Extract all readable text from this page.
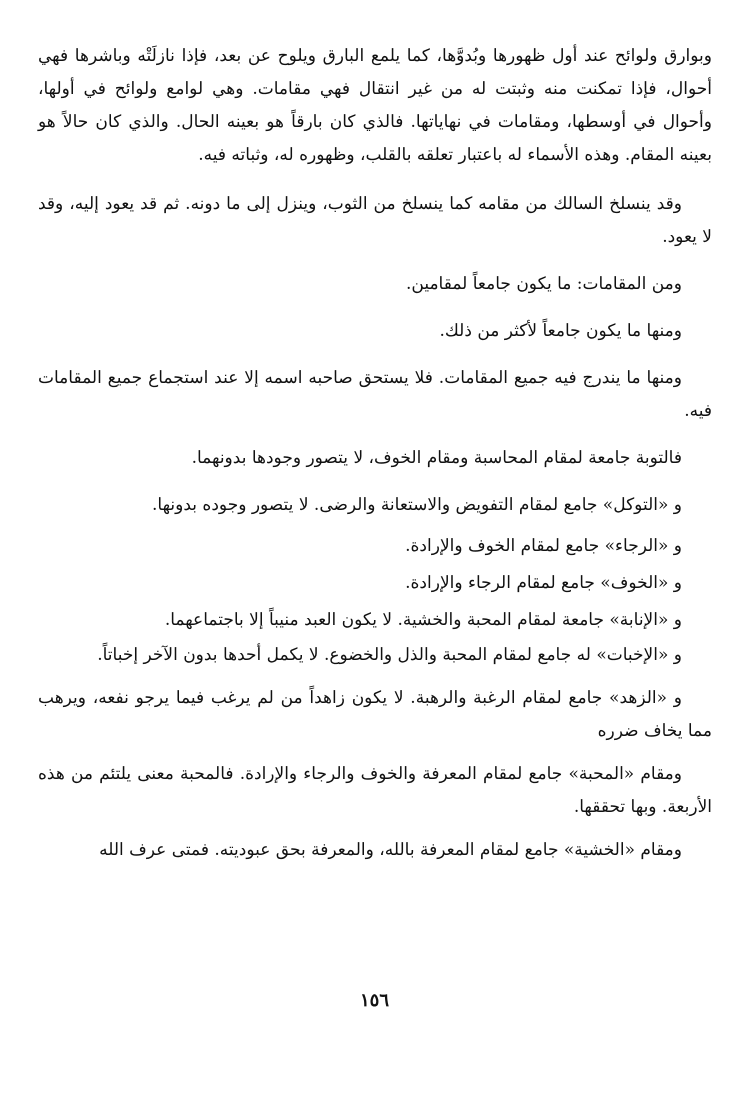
وبوارق ولوائح عند أول ظهورها وبُدوَّها، كما يلمع البارق ويلوح عن بعد، فإذا نازلَتْه وباشرها فهي أحوال، فإذا تمكنت منه وثبتت له من غير انتقال فهي مقامات. وهي لوامع ولوائح في أولها، وأحوال في أوسطها، ومقامات في نهاياتها. فالذي كان بارقاً هو بعينه الحال. والذي كان حالاً هو بعينه المقام. وهذه الأسماء له باعتبار تعلقه بالقلب، وظهوره له، وثباته فيه.

وقد ينسلخ السالك من مقامه كما ينسلخ من الثوب، وينزل إلى ما دونه. ثم قد يعود إليه، وقد لا يعود.

ومن المقامات: ما يكون جامعاً لمقامين.

ومنها ما يكون جامعاً لأكثر من ذلك.

ومنها ما يندرج فيه جميع المقامات. فلا يستحق صاحبه اسمه إلا عند استجماع جميع المقامات فيه.

فالتوبة جامعة لمقام المحاسبة ومقام الخوف، لا يتصور وجودها بدونهما.

و «التوكل» جامع لمقام التفويض والاستعانة والرضى. لا يتصور وجوده بدونها.

و «الرجاء» جامع لمقام الخوف والإرادة.

و «الخوف» جامع لمقام الرجاء والإرادة.

و «الإنابة» جامعة لمقام المحبة والخشية. لا يكون العبد منيباً إلا باجتماعهما.

و «الإخبات» له جامع لمقام المحبة والذل والخضوع. لا يكمل أحدها بدون الآخر إخباتاً.

و «الزهد» جامع لمقام الرغبة والرهبة. لا يكون زاهداً من لم يرغب فيما يرجو نفعه، ويرهب مما يخاف ضرره

ومقام «المحبة» جامع لمقام المعرفة والخوف والرجاء والإرادة. فالمحبة معنى يلتئم من هذه الأربعة. وبها تحققها.

ومقام «الخشية» جامع لمقام المعرفة بالله، والمعرفة بحق عبوديته. فمتى عرف الله

١٥٦
